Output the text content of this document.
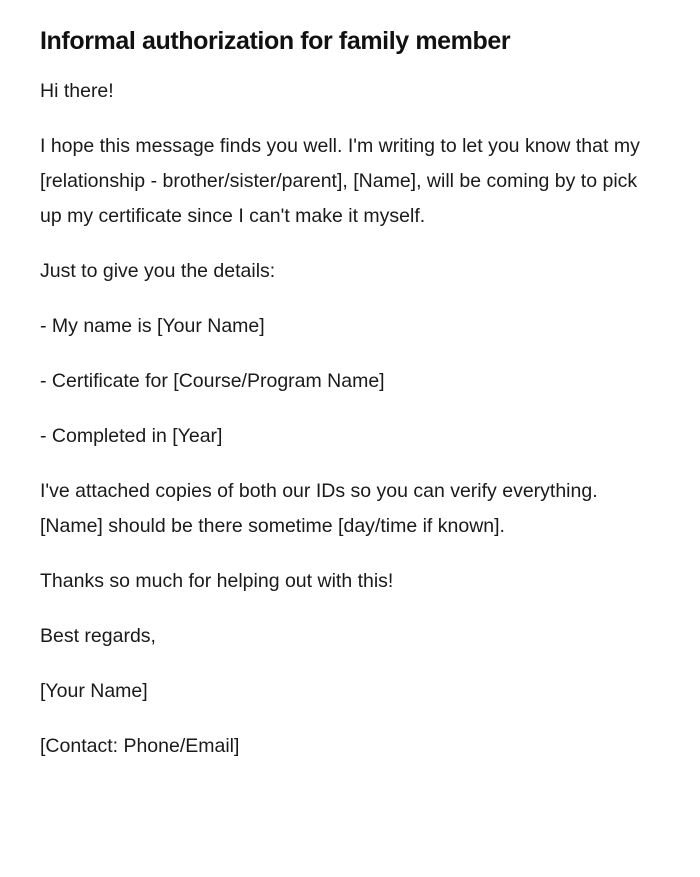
Informal authorization for family member

Hi there!

I hope this message finds you well. I'm writing to let you know that my [relationship - brother/sister/parent], [Name], will be coming by to pick up my certificate since I can't make it myself.

Just to give you the details:

- My name is [Your Name]

- Certificate for [Course/Program Name]

- Completed in [Year]

I've attached copies of both our IDs so you can verify everything. [Name] should be there sometime [day/time if known].

Thanks so much for helping out with this!

Best regards,

[Your Name]

[Contact: Phone/Email]
